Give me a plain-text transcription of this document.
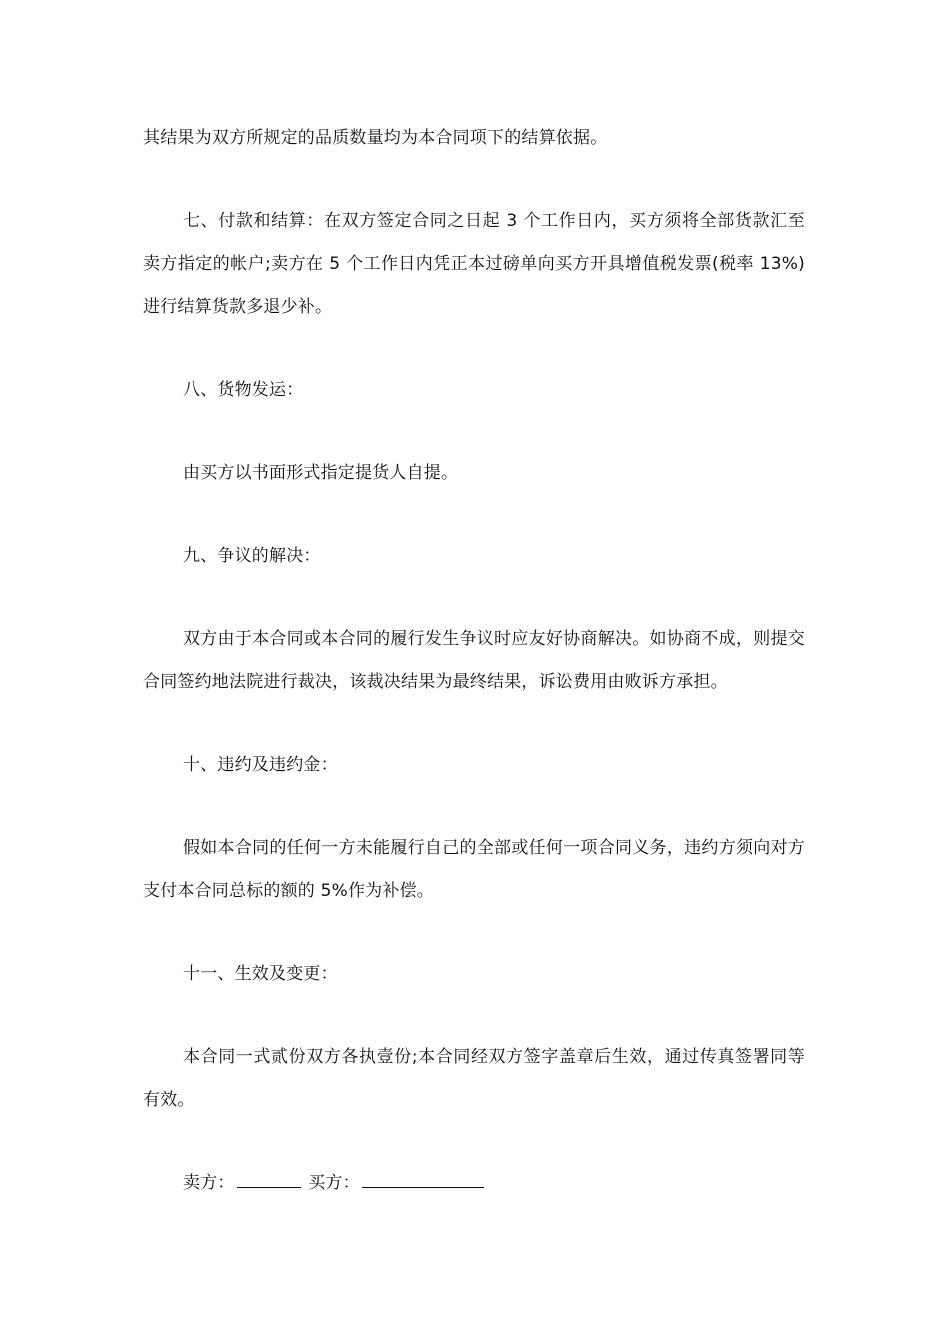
其结果为双方所规定的品质数量均为本合同项下的结算依据。

七、付款和结算：在双方签定合同之日起 3 个工作日内，买方须将全部货款汇至卖方指定的帐户;卖方在 5 个工作日内凭正本过磅单向买方开具增值税发票(税率 13%)进行结算货款多退少补。

八、货物发运：

由买方以书面形式指定提货人自提。

九、争议的解决：

双方由于本合同或本合同的履行发生争议时应友好协商解决。如协商不成，则提交合同签约地法院进行裁决，该裁决结果为最终结果，诉讼费用由败诉方承担。

十、违约及违约金：

假如本合同的任何一方未能履行自己的全部或任何一项合同义务，违约方须向对方支付本合同总标的额的 5%作为补偿。

十一、生效及变更：

本合同一式贰份双方各执壹份;本合同经双方签字盖章后生效，通过传真签署同等有效。

卖方：	买方：
